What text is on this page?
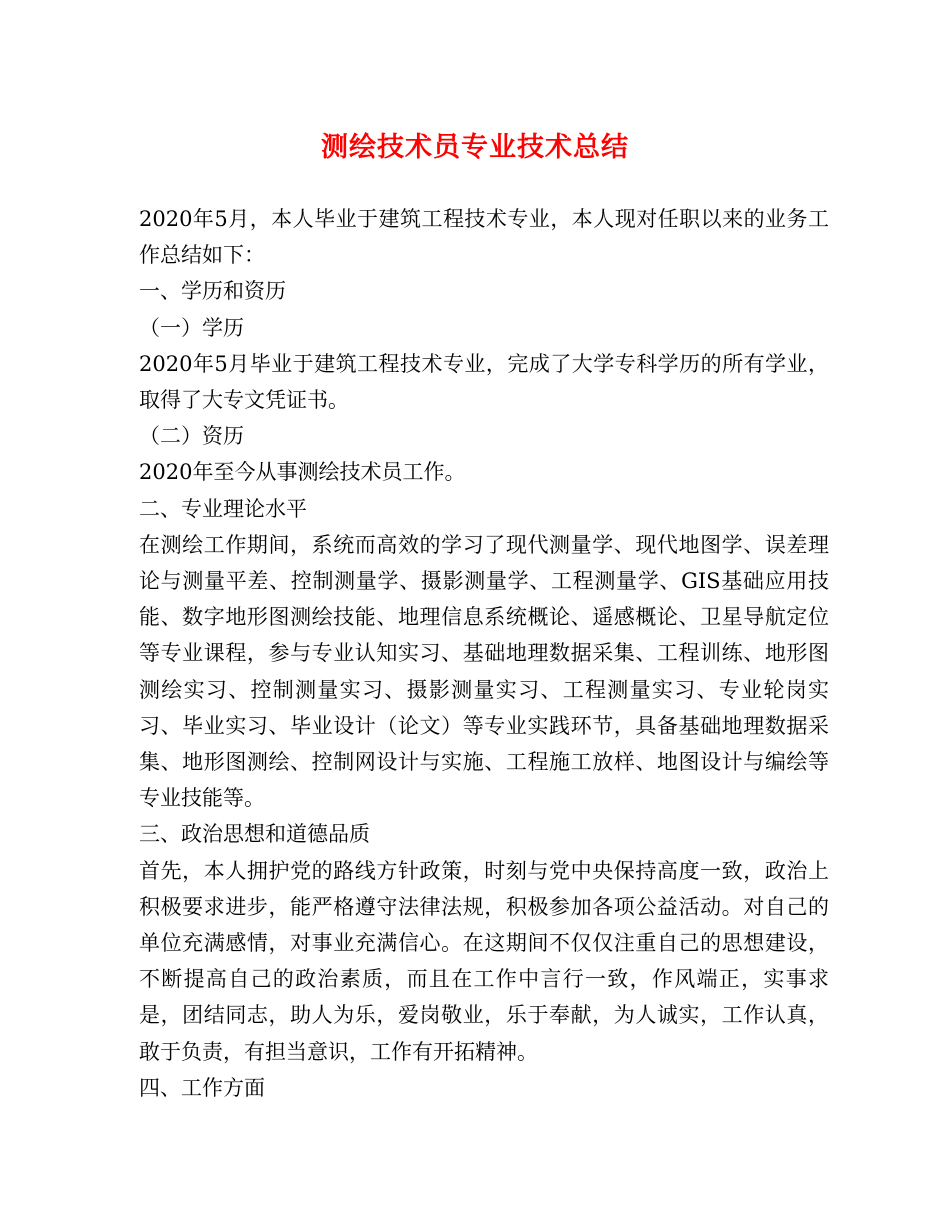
测绘技术员专业技术总结

2020年5月，本人毕业于建筑工程技术专业，本人现对任职以来的业务工作总结如下：

一、学历和资历

（一）学历

2020年5月毕业于建筑工程技术专业，完成了大学专科学历的所有学业，取得了大专文凭证书。

（二）资历

2020年至今从事测绘技术员工作。

二、专业理论水平

在测绘工作期间，系统而高效的学习了现代测量学、现代地图学、误差理论与测量平差、控制测量学、摄影测量学、工程测量学、GIS基础应用技能、数字地形图测绘技能、地理信息系统概论、遥感概论、卫星导航定位等专业课程，参与专业认知实习、基础地理数据采集、工程训练、地形图测绘实习、控制测量实习、摄影测量实习、工程测量实习、专业轮岗实习、毕业实习、毕业设计（论文）等专业实践环节，具备基础地理数据采集、地形图测绘、控制网设计与实施、工程施工放样、地图设计与编绘等专业技能等。

三、政治思想和道德品质

首先，本人拥护党的路线方针政策，时刻与党中央保持高度一致，政治上积极要求进步，能严格遵守法律法规，积极参加各项公益活动。对自己的单位充满感情，对事业充满信心。在这期间不仅仅注重自己的思想建设，不断提高自己的政治素质，而且在工作中言行一致，作风端正，实事求是，团结同志，助人为乐，爱岗敬业，乐于奉献，为人诚实，工作认真，敢于负责，有担当意识，工作有开拓精神。

四、工作方面
